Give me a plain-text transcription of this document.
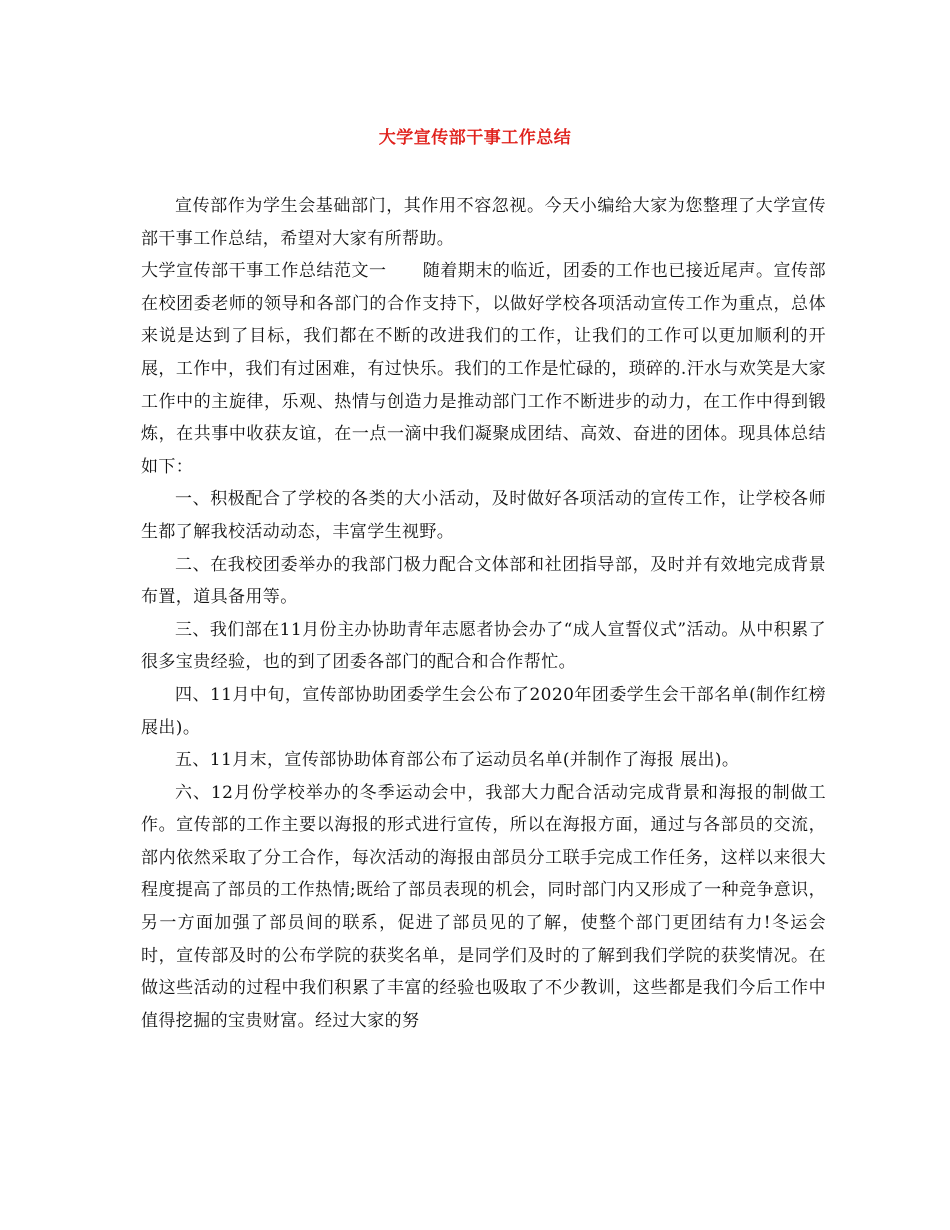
大学宣传部干事工作总结

宣传部作为学生会基础部门，其作用不容忽视。今天小编给大家为您整理了大学宣传部干事工作总结，希望对大家有所帮助。

大学宣传部干事工作总结范文一 随着期末的临近，团委的工作也已接近尾声。宣传部在校团委老师的领导和各部门的合作支持下，以做好学校各项活动宣传工作为重点，总体来说是达到了目标，我们都在不断的改进我们的工作，让我们的工作可以更加顺利的开展，工作中，我们有过困难，有过快乐。我们的工作是忙碌的，琐碎的.汗水与欢笑是大家工作中的主旋律，乐观、热情与创造力是推动部门工作不断进步的动力，在工作中得到锻炼，在共事中收获友谊，在一点一滴中我们凝聚成团结、高效、奋进的团体。现具体总结如下：

一、积极配合了学校的各类的大小活动，及时做好各项活动的宣传工作，让学校各师生都了解我校活动动态，丰富学生视野。

二、在我校团委举办的我部门极力配合文体部和社团指导部，及时并有效地完成背景布置，道具备用等。

三、我们部在11月份主办协助青年志愿者协会办了“成人宣誓仪式”活动。从中积累了很多宝贵经验，也的到了团委各部门的配合和合作帮忙。

四、11月中旬，宣传部协助团委学生会公布了2020年团委学生会干部名单(制作红榜展出)。

五、11月末，宣传部协助体育部公布了运动员名单(并制作了海报 展出)。

六、12月份学校举办的冬季运动会中，我部大力配合活动完成背景和海报的制做工作。宣传部的工作主要以海报的形式进行宣传，所以在海报方面，通过与各部员的交流，部内依然采取了分工合作，每次活动的海报由部员分工联手完成工作任务，这样以来很大程度提高了部员的工作热情;既给了部员表现的机会，同时部门内又形成了一种竞争意识，另一方面加强了部员间的联系，促进了部员见的了解，使整个部门更团结有力!冬运会时，宣传部及时的公布学院的获奖名单，是同学们及时的了解到我们学院的获奖情况。在做这些活动的过程中我们积累了丰富的经验也吸取了不少教训，这些都是我们今后工作中值得挖掘的宝贵财富。经过大家的努
